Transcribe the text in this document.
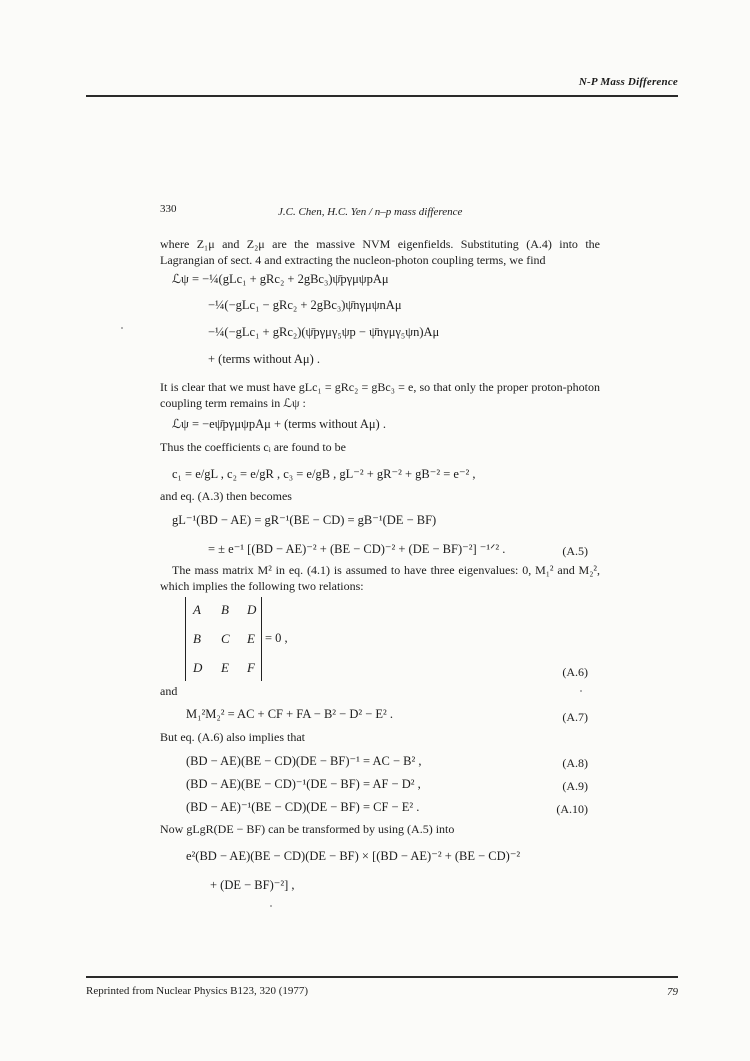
N-P Mass Difference
330	J.C. Chen, H.C. Yen / n–p mass difference
where Z₁μ and Z₂μ are the massive NVM eigenfields. Substituting (A.4) into the Lagrangian of sect. 4 and extracting the nucleon-photon coupling terms, we find
ℒψ = −¼(gLc₁ + gRc₂ + 2gBc₃)ψ̄pγμψpAμ
−¼(−gLc₁ − gRc₂ + 2gBc₃)ψ̄nγμψnAμ
−¼(−gLc₁ + gRc₂)(ψ̄pγμγ₅ψp − ψ̄nγμγ₅ψn)Aμ
+ (terms without Aμ) .
It is clear that we must have gLc₁ = gRc₂ = gBc₃ = e, so that only the proper proton-photon coupling term remains in ℒψ :
ℒψ = −eψ̄pγμψpAμ + (terms without Aμ) .
Thus the coefficients cᵢ are found to be
c₁ = e/gL , c₂ = e/gR , c₃ = e/gB , gL⁻² + gR⁻² + gB⁻² = e⁻² ,
and eq. (A.3) then becomes
gL⁻¹(BD − AE) = gR⁻¹(BE − CD) = gB⁻¹(DE − BF)
= ± e⁻¹ [(BD − AE)⁻² + (BE − CD)⁻² + (DE − BF)⁻²] ⁻¹ᐟ² .	(A.5)
The mass matrix M² in eq. (4.1) is assumed to have three eigenvalues: 0, M₁² and M₂², which implies the following two relations:
A B D
B C E
D E F
= 0 ,
(A.6)
and
M₁²M₂² = AC + CF + FA − B² − D² − E² .	(A.7)
But eq. (A.6) also implies that
(BD − AE)(BE − CD)(DE − BF)⁻¹ = AC − B² ,	(A.8)
(BD − AE)(BE − CD)⁻¹(DE − BF) = AF − D² ,	(A.9)
(BD − AE)⁻¹(BE − CD)(DE − BF) = CF − E² .	(A.10)
Now gLgR(DE − BF) can be transformed by using (A.5) into
e²(BD − AE)(BE − CD)(DE − BF) × [(BD − AE)⁻² + (BE − CD)⁻²
+ (DE − BF)⁻²] ,
Reprinted from Nuclear Physics B123, 320 (1977)	79
